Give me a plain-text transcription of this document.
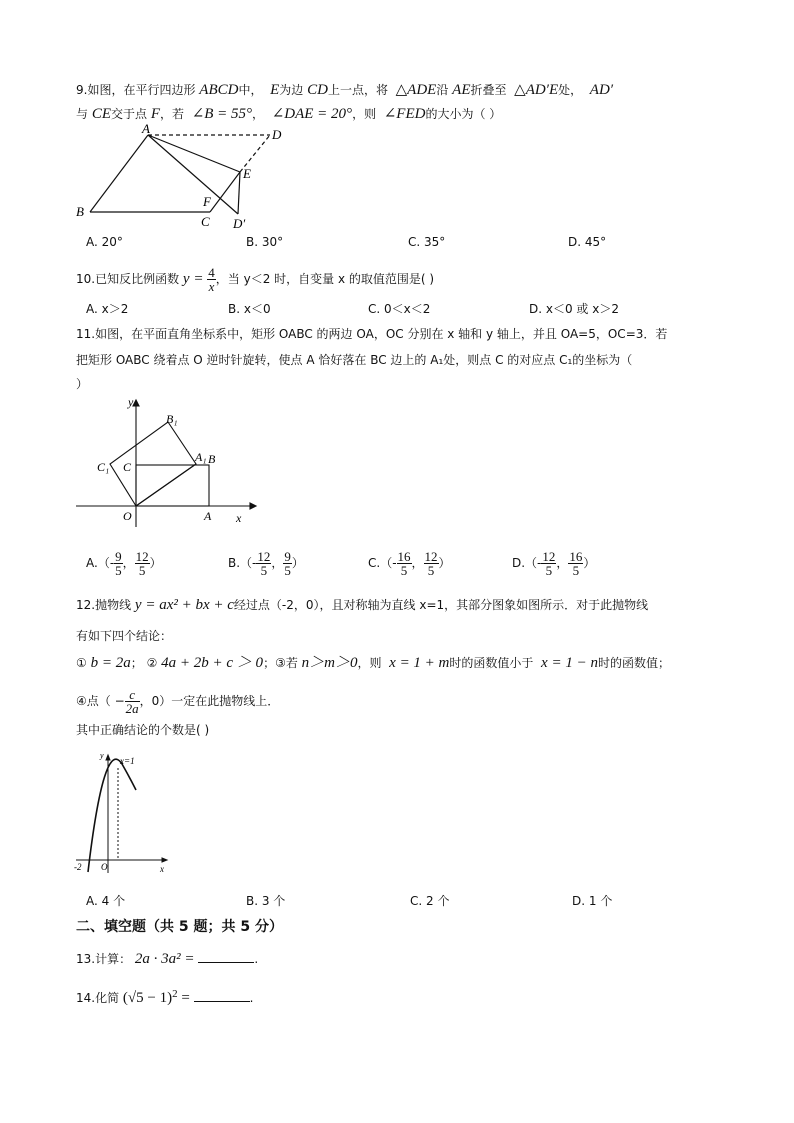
9.如图，在平行四边形 ABCD中， E为边 CD上一点，将 △ADE沿 AE折叠至 △AD′E处， AD′
与 CE交于点 F，若 ∠B = 55°， ∠DAE = 20°，则 ∠FED的大小为（ ）
A
B
C
D
E
F
D′
A. 20°	B. 30°	C. 35°	D. 45°
10.已知反比例函数 $y = \frac{4}{x}$ ，当 y＜2 时，自变量 x 的取值范围是( )
A. x＞2	B. x＜0	C. 0＜x＜2	D. x＜0 或 x＞2
11.如图，在平面直角坐标系中，矩形 OABC 的两边 OA，OC 分别在 x 轴和 y 轴上，并且 OA=5，OC=3．若
把矩形 OABC 绕着点 O 逆时针旋转，使点 A 恰好落在 BC 边上的 A₁处，则点 C 的对应点 C₁的坐标为（
）
y
x
O	A
B
C
A₁
B₁
C₁
$A.(- \frac{9}{5}$ ， $\frac{12}{5}$ ）	$B.(- \frac{12}{5}$ ， $\frac{9}{5}$ ）	$C.(- \frac{16}{5}$ ， $\frac{12}{5}$ ）	$D.(- \frac{12}{5}$ ， $\frac{16}{5}$ ）
12.抛物线 y = ax² + bx + c经过点（-2，0），且对称轴为直线 x=1，其部分图象如图所示．对于此抛物线
有如下四个结论：
① b = 2a； ② 4a + 2b + c ＞ 0；③若 n＞m＞0，则 x = 1 + m时的函数值小于 x = 1 − n时的函数值；
④点（ − $\frac{c}{2a}$ ，0）一定在此抛物线上．
其中正确结论的个数是( )
y
x
O
-2
x=1
A. 4 个	B. 3 个	C. 2 个	D. 1 个
二、填空题（共 5 题；共 5 分）
13.计算： 2a · 3a² =	.
14.化简 $(√5 - 1)^2$ =	.
